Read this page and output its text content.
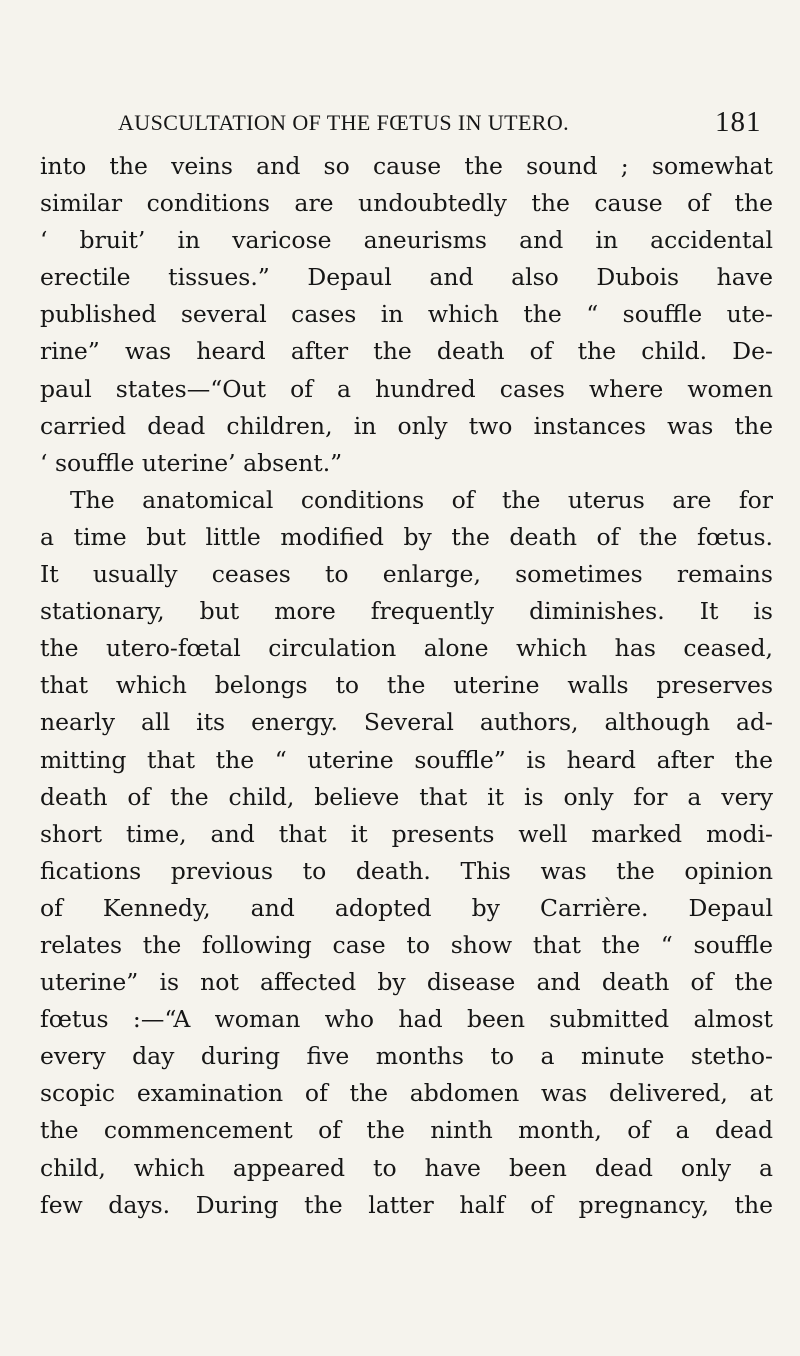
AUSCULTATION OF THE FŒTUS IN UTERO.	181
into the veins and so cause the sound ; somewhat
similar conditions are undoubtedly the cause of the
‘ bruit’ in varicose aneurisms and in accidental
erectile tissues.” Depaul and also Dubois have
published several cases in which the “ souffle ute-
rine” was heard after the death of the child. De-
paul states—“Out of a hundred cases where women
carried dead children, in only two instances was the
‘ souffle uterine’ absent.”
The anatomical conditions of the uterus are for
a time but little modified by the death of the fœtus.
It usually ceases to enlarge, sometimes remains
stationary, but more frequently diminishes. It is
the utero-fœtal circulation alone which has ceased,
that which belongs to the uterine walls preserves
nearly all its energy. Several authors, although ad-
mitting that the “ uterine souffle” is heard after the
death of the child, believe that it is only for a very
short time, and that it presents well marked modi-
fications previous to death. This was the opinion
of Kennedy, and adopted by Carrière. Depaul
relates the following case to show that the “ souffle
uterine” is not affected by disease and death of the
fœtus :—“A woman who had been submitted almost
every day during five months to a minute stetho-
scopic examination of the abdomen was delivered, at
the commencement of the ninth month, of a dead
child, which appeared to have been dead only a
few days. During the latter half of pregnancy, the
